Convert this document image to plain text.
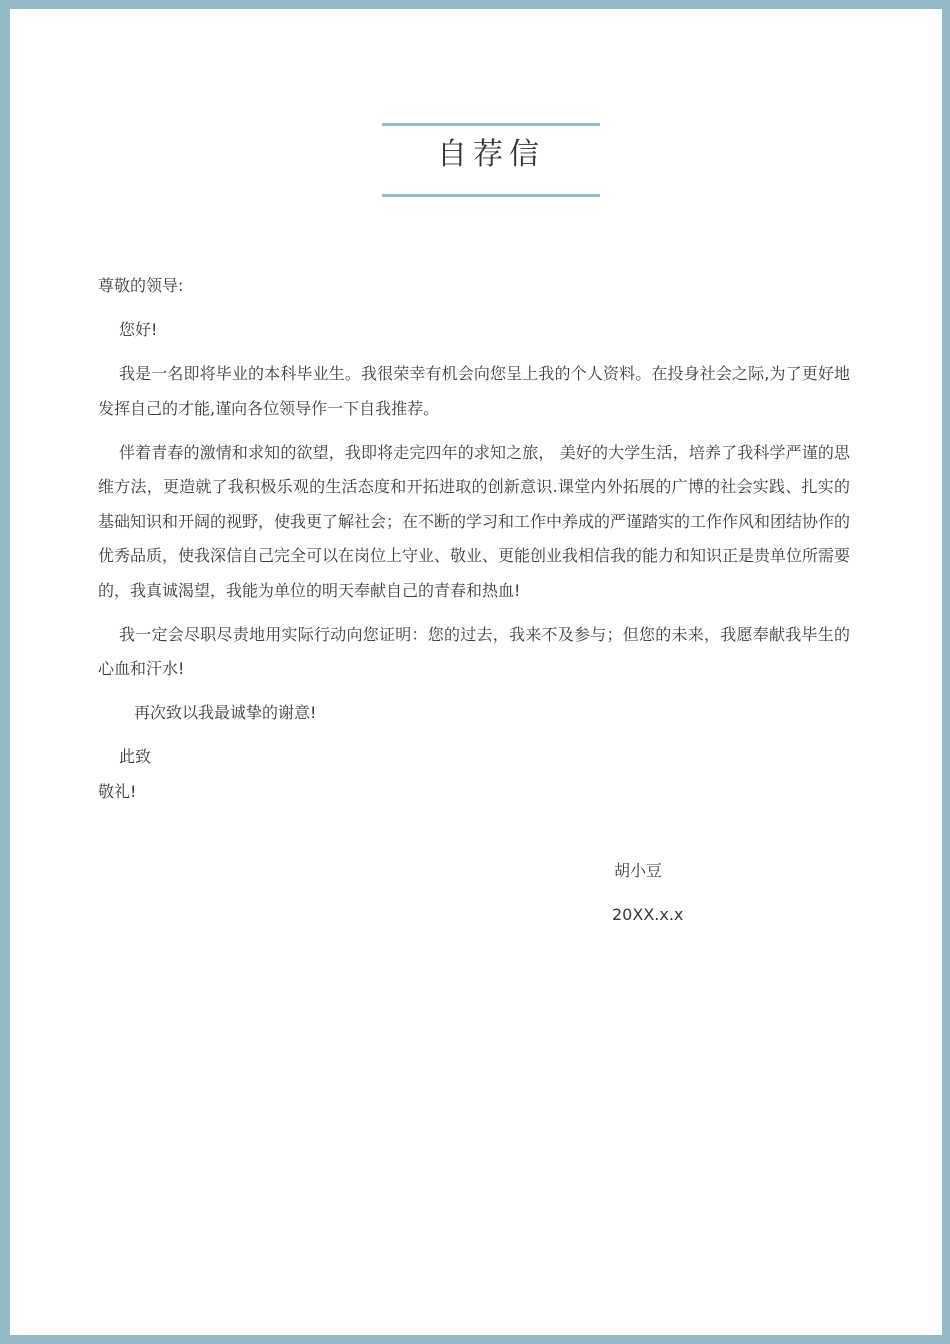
自荐信

尊敬的领导:

您好!

我是一名即将毕业的本科毕业生。我很荣幸有机会向您呈上我的个人资料。在投身社会之际,为了更好地发挥自己的才能,谨向各位领导作一下自我推荐。

伴着青春的激情和求知的欲望，我即将走完四年的求知之旅， 美好的大学生活，培养了我科学严谨的思维方法，更造就了我积极乐观的生活态度和开拓进取的创新意识.课堂内外拓展的广博的社会实践、扎实的基础知识和开阔的视野，使我更了解社会；在不断的学习和工作中养成的严谨踏实的工作作风和团结协作的优秀品质，使我深信自己完全可以在岗位上守业、敬业、更能创业我相信我的能力和知识正是贵单位所需要的，我真诚渴望，我能为单位的明天奉献自己的青春和热血!

我一定会尽职尽责地用实际行动向您证明：您的过去，我来不及参与；但您的未来，我愿奉献我毕生的心血和汗水!

再次致以我最诚挚的谢意!

此致

敬礼!

胡小豆
20XX.x.x
